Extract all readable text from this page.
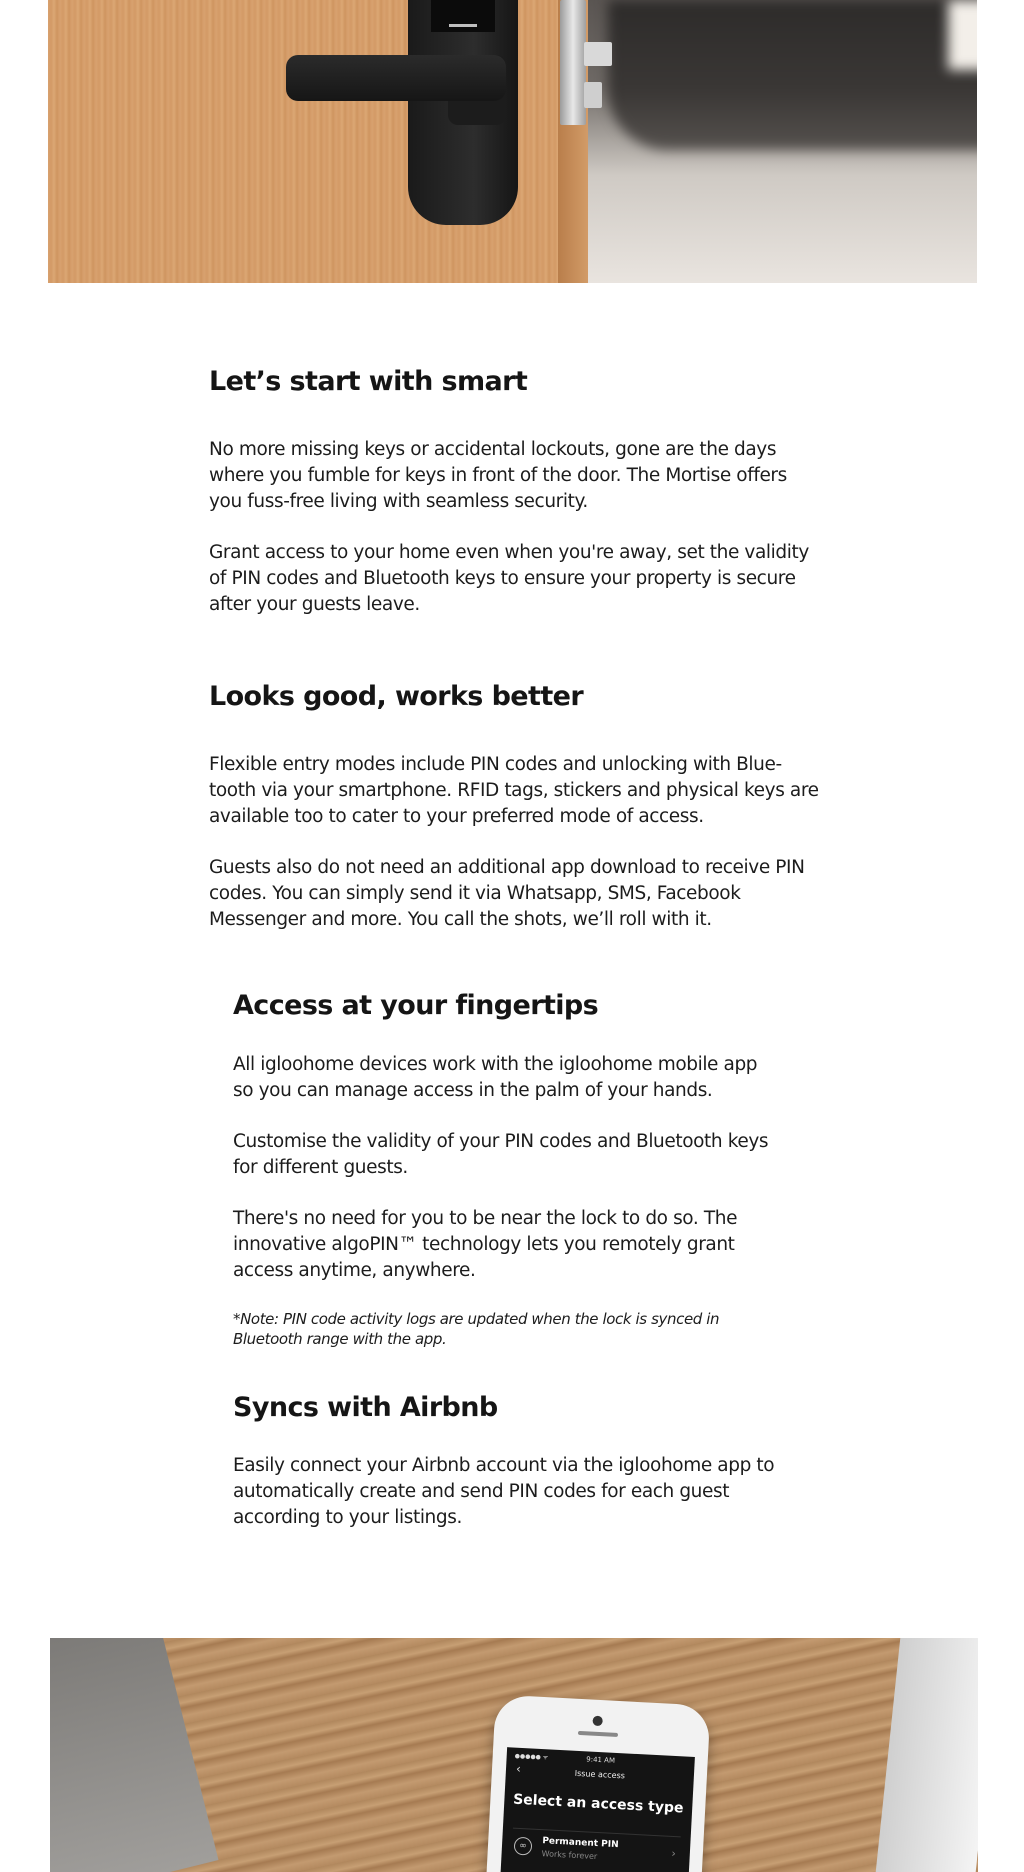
Let’s start with smart
No more missing keys or accidental lockouts, gone are the days
where you fumble for keys in front of the door. The Mortise offers
you fuss-free living with seamless security.
Grant access to your home even when you're away, set the validity
of PIN codes and Bluetooth keys to ensure your property is secure
after your guests leave.
Looks good, works better
Flexible entry modes include PIN codes and unlocking with Blue-
tooth via your smartphone. RFID tags, stickers and physical keys are
available too to cater to your preferred mode of access.
Guests also do not need an additional app download to receive PIN
codes. You can simply send it via Whatsapp, SMS, Facebook
Messenger and more. You call the shots, we’ll roll with it.
Access at your fingertips
All igloohome devices work with the igloohome mobile app
so you can manage access in the palm of your hands.
Customise the validity of your PIN codes and Bluetooth keys
for different guests.
There's no need for you to be near the lock to do so. The
innovative algoPIN™ technology lets you remotely grant
access anytime, anywhere.
*Note: PIN code activity logs are updated when the lock is synced in
Bluetooth range with the app.
Syncs with Airbnb
Easily connect your Airbnb account via the igloohome app to
automatically create and send PIN codes for each guest
according to your listings.
●●●●● ᯤ	9:41 AM
‹	Issue access
Select an access type
∞	Permanent PIN
Works forever	›
